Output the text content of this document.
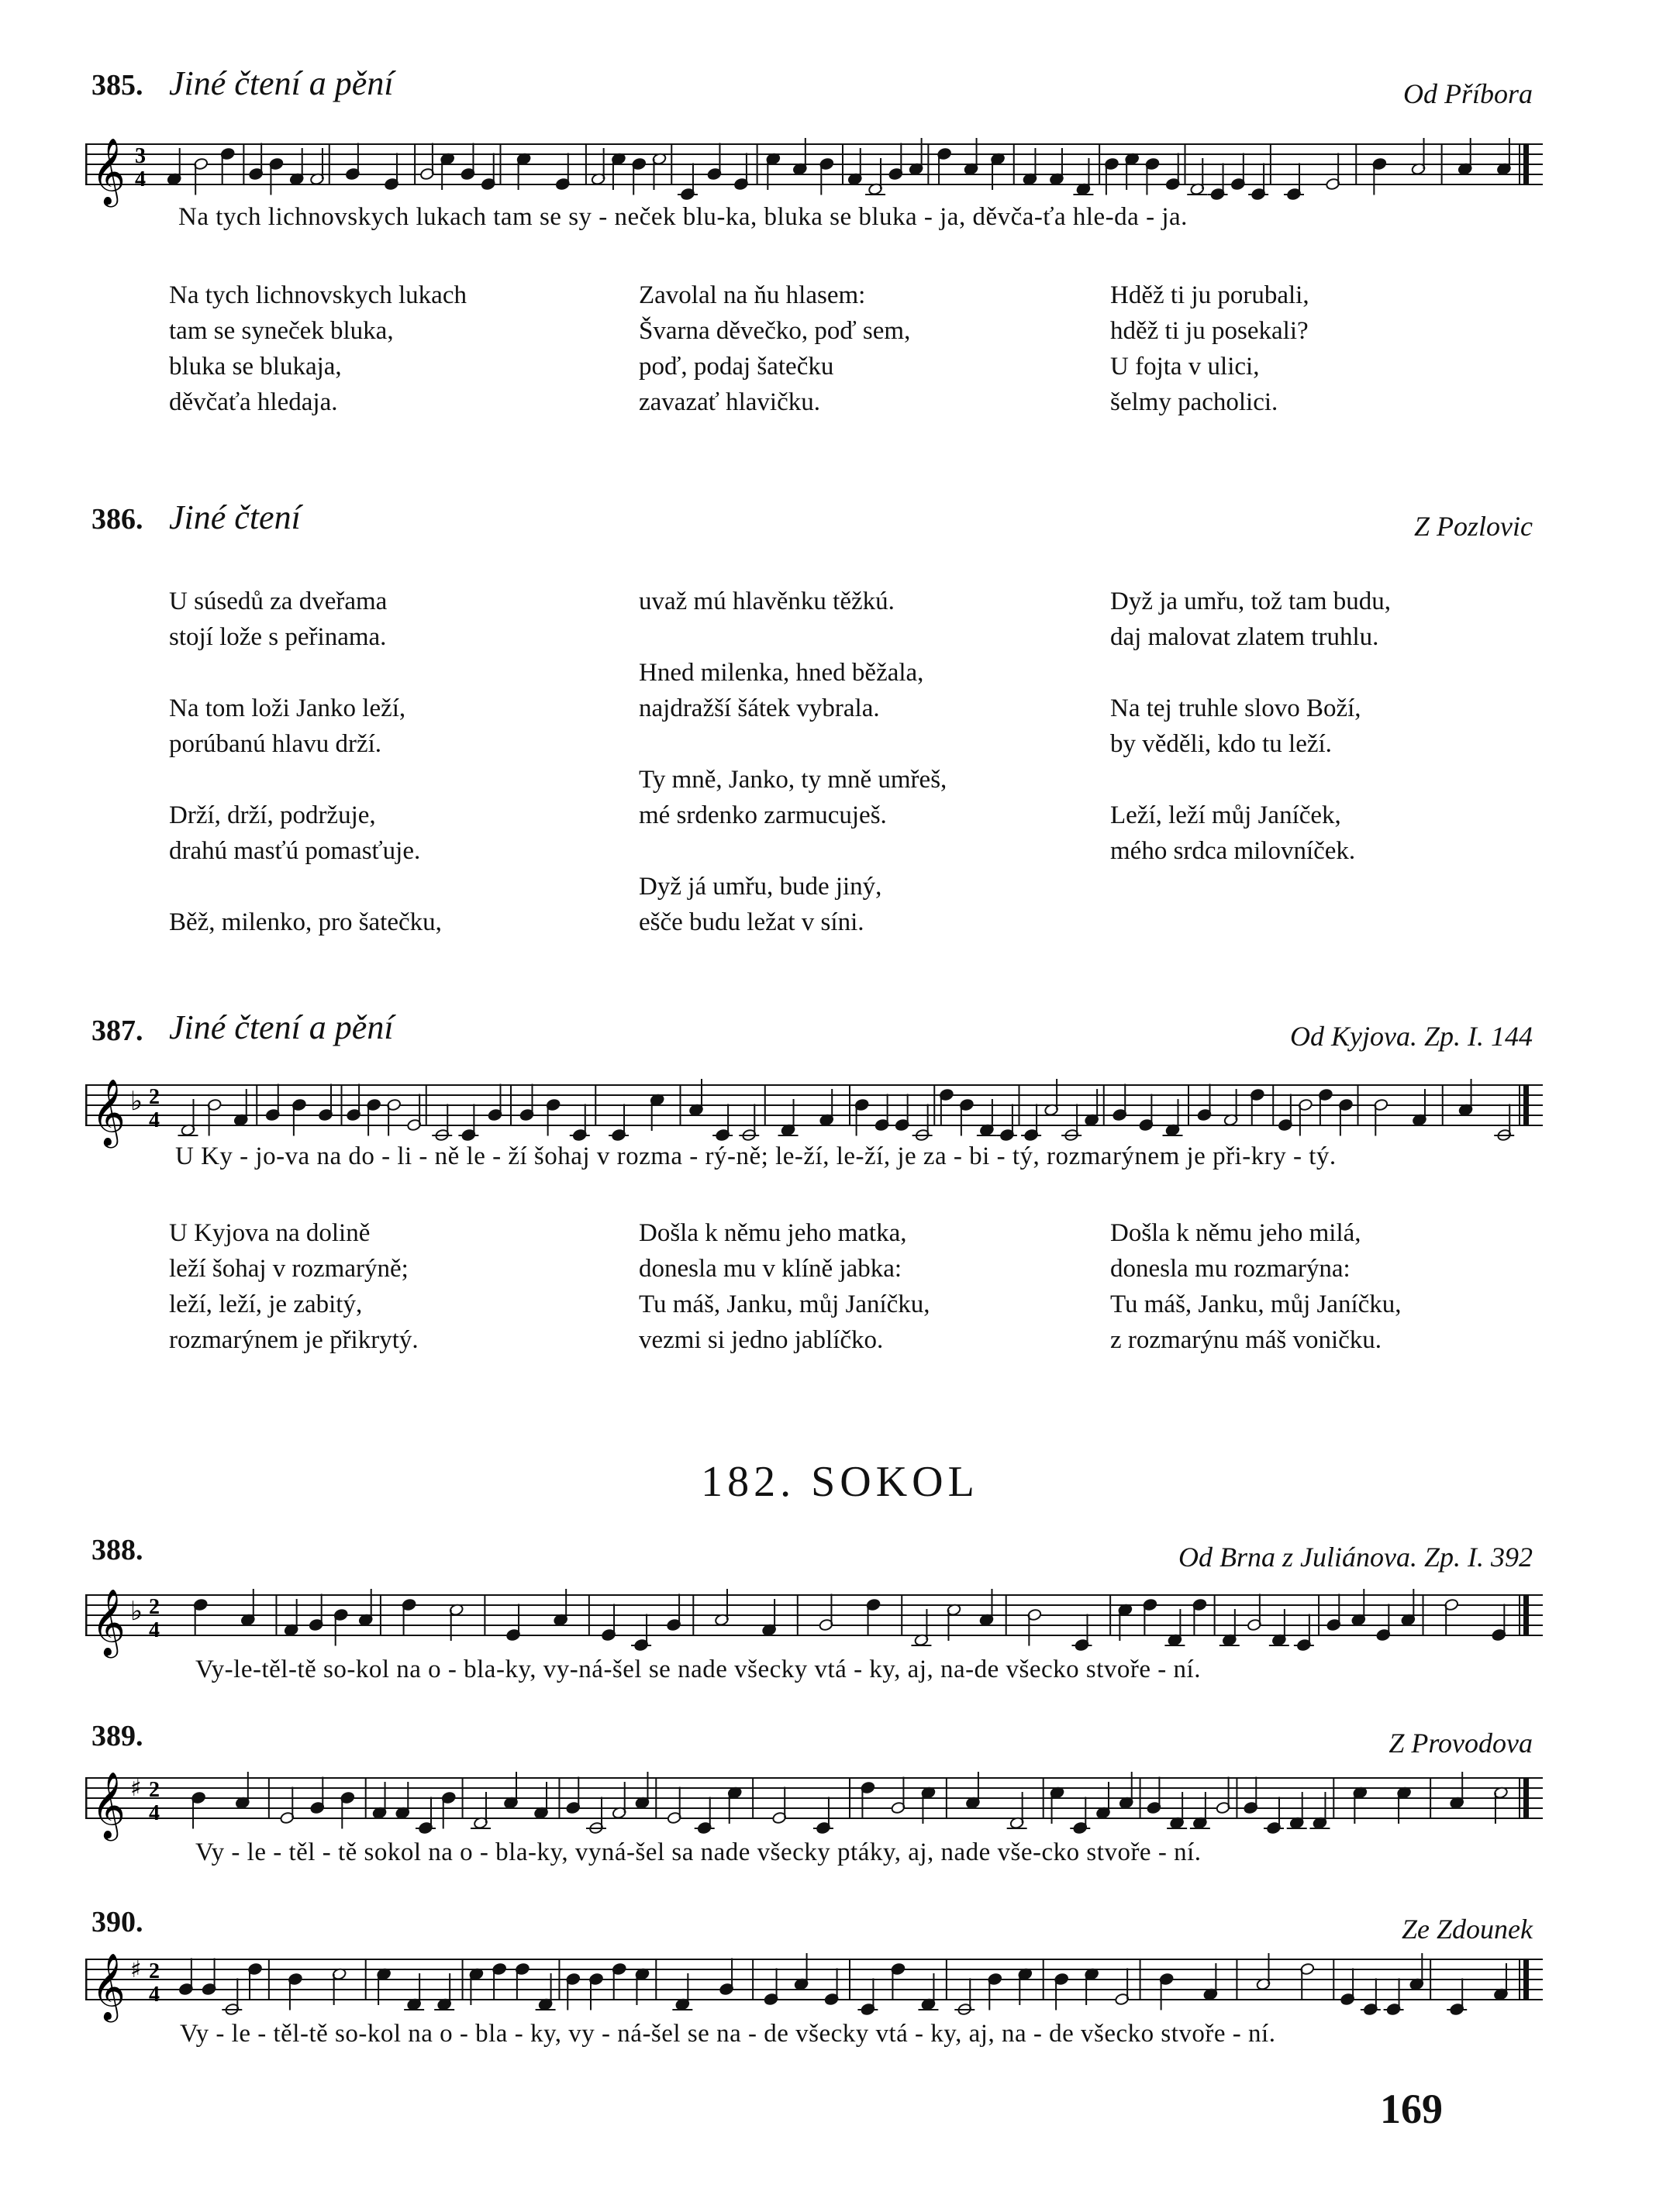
385. Jiné čtení a pění	Od Příbora
𝄞 3
4
Na tych lichnovskych lukach tam se sy - neček blu-ka, bluka se bluka - ja, děvča-ťa hle-da - ja.
Na tych lichnovskych lukach
tam se syneček bluka,
bluka se blukaja,
děvčaťa hledaja.
Zavolal na ňu hlasem:
Švarna děvečko, poď sem,
poď, podaj šatečku
zavazať hlavičku.
Hděž ti ju porubali,
hděž ti ju posekali?
U fojta v ulici,
šelmy pacholici.
386. Jiné čtení	Z Pozlovic
U súsedů za dveřama
stojí lože s peřinama.
Na tom loži Janko leží,
porúbanú hlavu drží.
Drží, drží, podržuje,
drahú masťú pomasťuje.
Běž, milenko, pro šatečku,
uvaž mú hlavěnku těžkú.
Hned milenka, hned běžala,
najdražší šátek vybrala.
Ty mně, Janko, ty mně umřeš,
mé srdenko zarmucuješ.
Dyž já umřu, bude jiný,
ešče budu ležat v síni.
Dyž ja umřu, tož tam budu,
daj malovat zlatem truhlu.
Na tej truhle slovo Boží,
by věděli, kdo tu leží.
Leží, leží můj Janíček,
mého srdca milovníček.
387. Jiné čtení a pění	Od Kyjova. Zp. I. 144
𝄞 ♭ 2
4
U Ky - jo-va na do - li - ně le - ží šohaj v rozma - rý-ně; le-ží, le-ží, je za - bi - tý, rozmarýnem je při-kry - tý.
U Kyjova na dolině
leží šohaj v rozmarýně;
leží, leží, je zabitý,
rozmarýnem je přikrytý.
Došla k němu jeho matka,
donesla mu v klíně jabka:
Tu máš, Janku, můj Janíčku,
vezmi si jedno jablíčko.
Došla k němu jeho milá,
donesla mu rozmarýna:
Tu máš, Janku, můj Janíčku,
z rozmarýnu máš voničku.
182. SOKOL
388.	Od Brna z Juliánova. Zp. I. 392
𝄞 ♭ 2
4
Vy-le-těl-tě so-kol na o - bla-ky, vy-ná-šel se nade všecky vtá - ky, aj, na-de všecko stvoře - ní.
389.	Z Provodova
𝄞 ♯ 2
4
Vy - le - těl - tě sokol na o - bla-ky, vyná-šel sa nade všecky ptáky, aj, nade vše-cko stvoře - ní.
390.	Ze Zdounek
𝄞 ♯ 2
4
Vy - le - těl-tě so-kol na o - bla - ky, vy - ná-šel se na - de všecky vtá - ky, aj, na - de všecko stvoře - ní.
169
